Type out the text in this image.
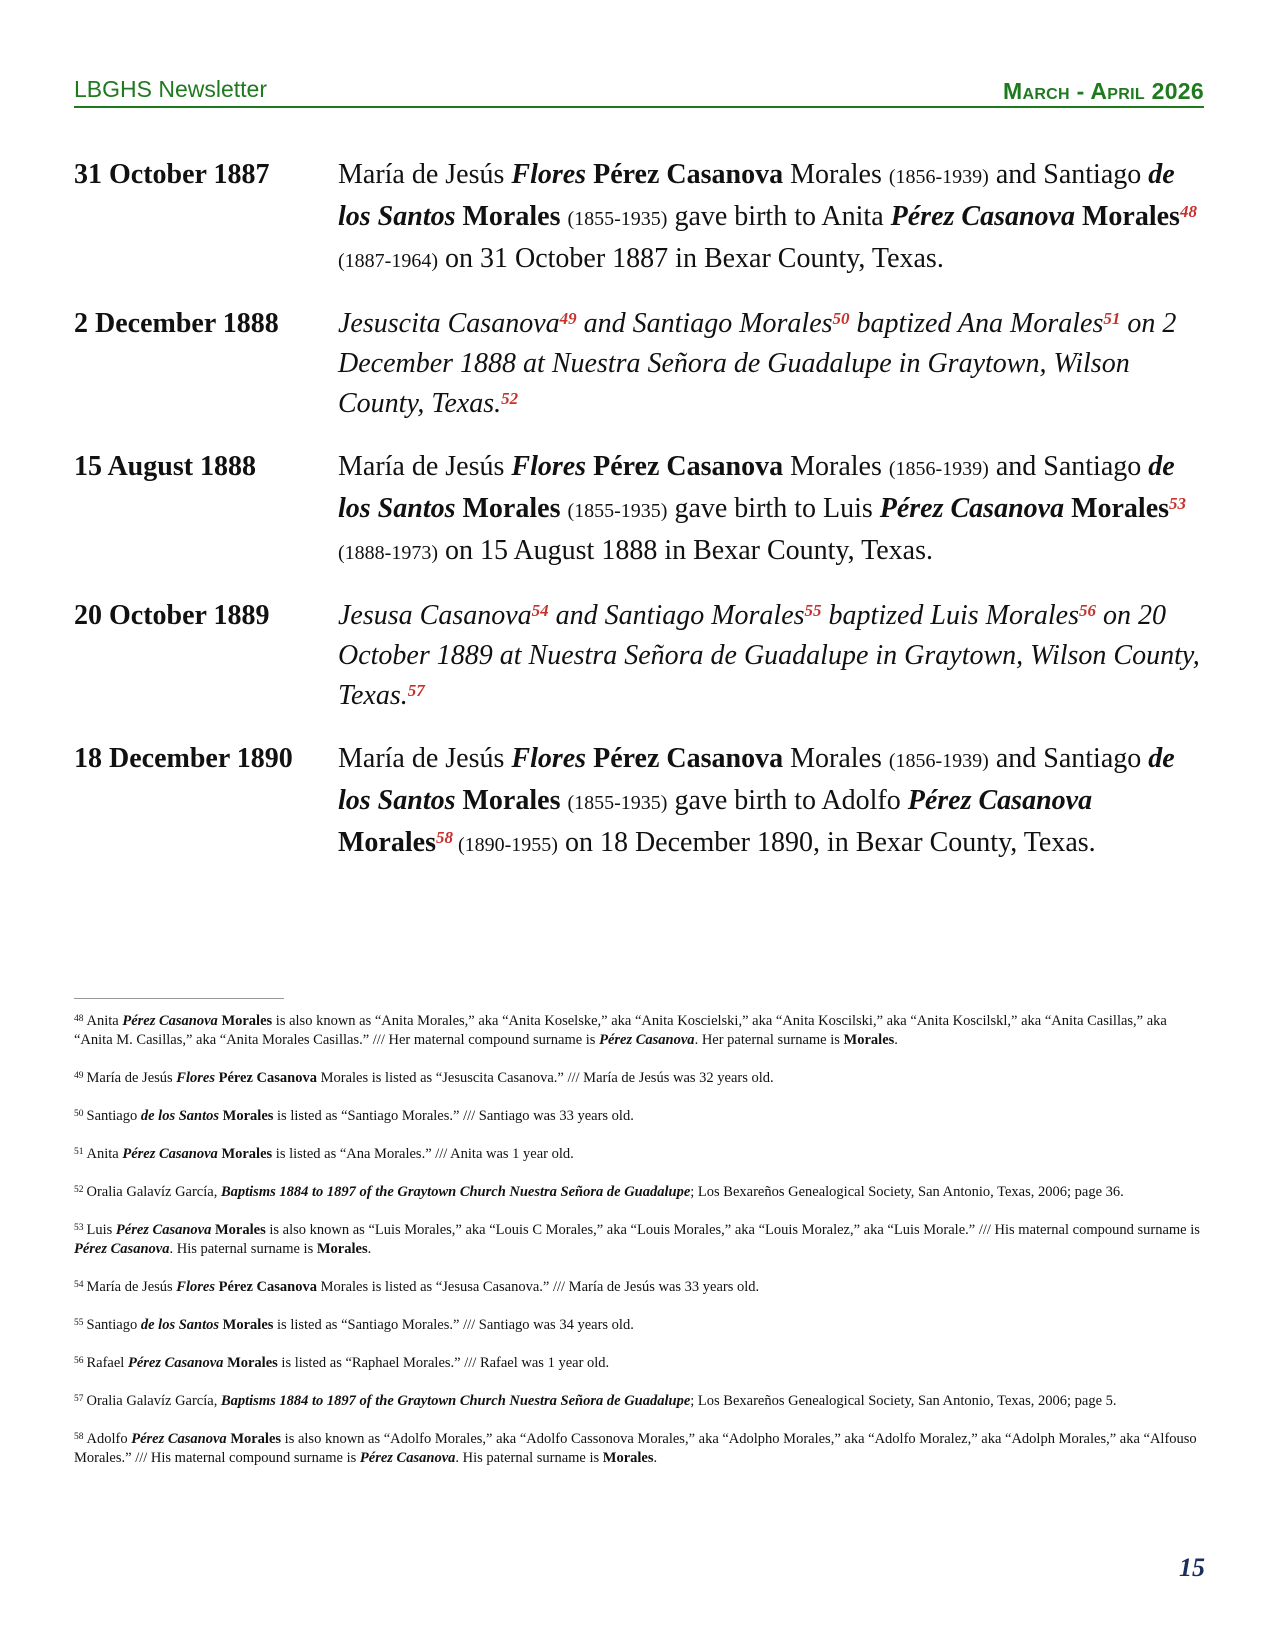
LBGHS Newsletter	March - April 2026
31 October 1887 María de Jesús Flores Pérez Casanova Morales (1856-1939) and Santiago de los Santos Morales (1855-1935) gave birth to Anita Pérez Casanova Morales$^{48}$ (1887-1964) on 31 October 1887 in Bexar County, Texas.
2 December 1888 Jesuscita Casanova$^{49}$ and Santiago Morales$^{50}$ baptized Ana Morales$^{51}$ on 2 December 1888 at Nuestra Señora de Guadalupe in Graytown, Wilson County, Texas.$^{52}$
15 August 1888	María de Jesús Flores Pérez Casanova Morales (1856-1939) and Santiago de los Santos Morales (1855-1935) gave birth to Luis Pérez Casanova Morales$^{53}$ (1888-1973) on 15 August 1888 in Bexar County, Texas.
20 October 1889 Jesusa Casanova$^{54}$ and Santiago Morales$^{55}$ baptized Luis Morales$^{56}$ on 20 October 1889 at Nuestra Señora de Guadalupe in Graytown, Wilson County, Texas.$^{57}$
18 December 1890 María de Jesús Flores Pérez Casanova Morales (1856-1939) and Santiago de los Santos Morales (1855-1935) gave birth to Adolfo Pérez Casanova Morales$^{58}$ (1890-1955) on 18 December 1890, in Bexar County, Texas.
$^{48}$ Anita Pérez Casanova Morales is also known as “Anita Morales,” aka “Anita Koselske,” aka “Anita Koscielski,” aka “Anita Koscilski,” aka “Anita Koscilskl,” aka “Anita Casillas,” aka “Anita M. Casillas,” aka “Anita Morales Casillas.” /// Her maternal compound surname is Pérez Casanova. Her paternal surname is Morales.
$^{49}$ María de Jesús Flores Pérez Casanova Morales is listed as “Jesuscita Casanova.” /// María de Jesús was 32 years old.
$^{50}$ Santiago de los Santos Morales is listed as “Santiago Morales.” /// Santiago was 33 years old.
$^{51}$ Anita Pérez Casanova Morales is listed as “Ana Morales.” /// Anita was 1 year old.
$^{52}$ Oralia Galavíz García, Baptisms 1884 to 1897 of the Graytown Church Nuestra Señora de Guadalupe; Los Bexareños Genealogical Society, San Antonio, Texas, 2006; page 36.
$^{53}$ Luis Pérez Casanova Morales is also known as “Luis Morales,” aka “Louis C Morales,” aka “Louis Morales,” aka “Louis Moralez,” aka “Luis Morale.” /// His maternal compound surname is Pérez Casanova. His paternal surname is Morales.
$^{54}$ María de Jesús Flores Pérez Casanova Morales is listed as “Jesusa Casanova.” /// María de Jesús was 33 years old.
$^{55}$ Santiago de los Santos Morales is listed as “Santiago Morales.” /// Santiago was 34 years old.
$^{56}$ Rafael Pérez Casanova Morales is listed as “Raphael Morales.” /// Rafael was 1 year old.
$^{57}$ Oralia Galavíz García, Baptisms 1884 to 1897 of the Graytown Church Nuestra Señora de Guadalupe; Los Bexareños Genealogical Society, San Antonio, Texas, 2006; page 5.
$^{58}$ Adolfo Pérez Casanova Morales is also known as “Adolfo Morales,” aka “Adolfo Cassonova Morales,” aka “Adolpho Morales,” aka “Adolfo Moralez,” aka “Adolph Morales,” aka “Alfouso Morales.” /// His maternal compound surname is Pérez Casanova. His paternal surname is Morales.
15
